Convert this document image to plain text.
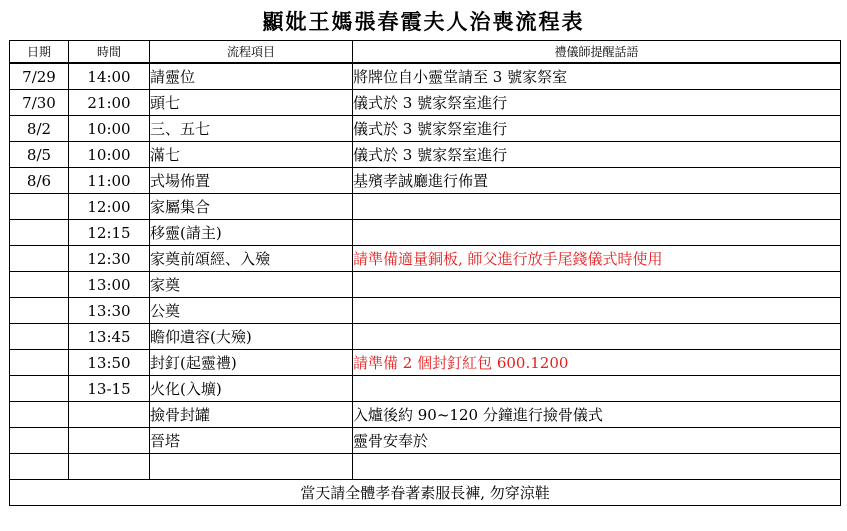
顯妣王媽張春霞夫人治喪流程表
日期	時間	流程項目	禮儀師提醒話語
7/29	14:00	請靈位	將牌位自小靈堂請至 3 號家祭室
7/30	21:00	頭七	儀式於 3 號家祭室進行
8/2	10:00	三、五七	儀式於 3 號家祭室進行
8/5	10:00	滿七	儀式於 3 號家祭室進行
8/6	11:00	式場佈置	基殯孝誠廳進行佈置
	12:00	家屬集合	
	12:15	移靈(請主)	
	12:30	家奠前頌經、入殮	請準備適量銅板, 師父進行放手尾錢儀式時使用
	13:00	家奠	
	13:30	公奠	
	13:45	瞻仰遺容(大殮)	
	13:50	封釘(起靈禮)	請準備 2 個封釘紅包 600.1200
	13-15	火化(入壙)	
		撿骨封罐	入爐後約 90~120 分鐘進行撿骨儀式
		晉塔	靈骨安奉於

當天請全體孝眷著素服長褲, 勿穿涼鞋			
